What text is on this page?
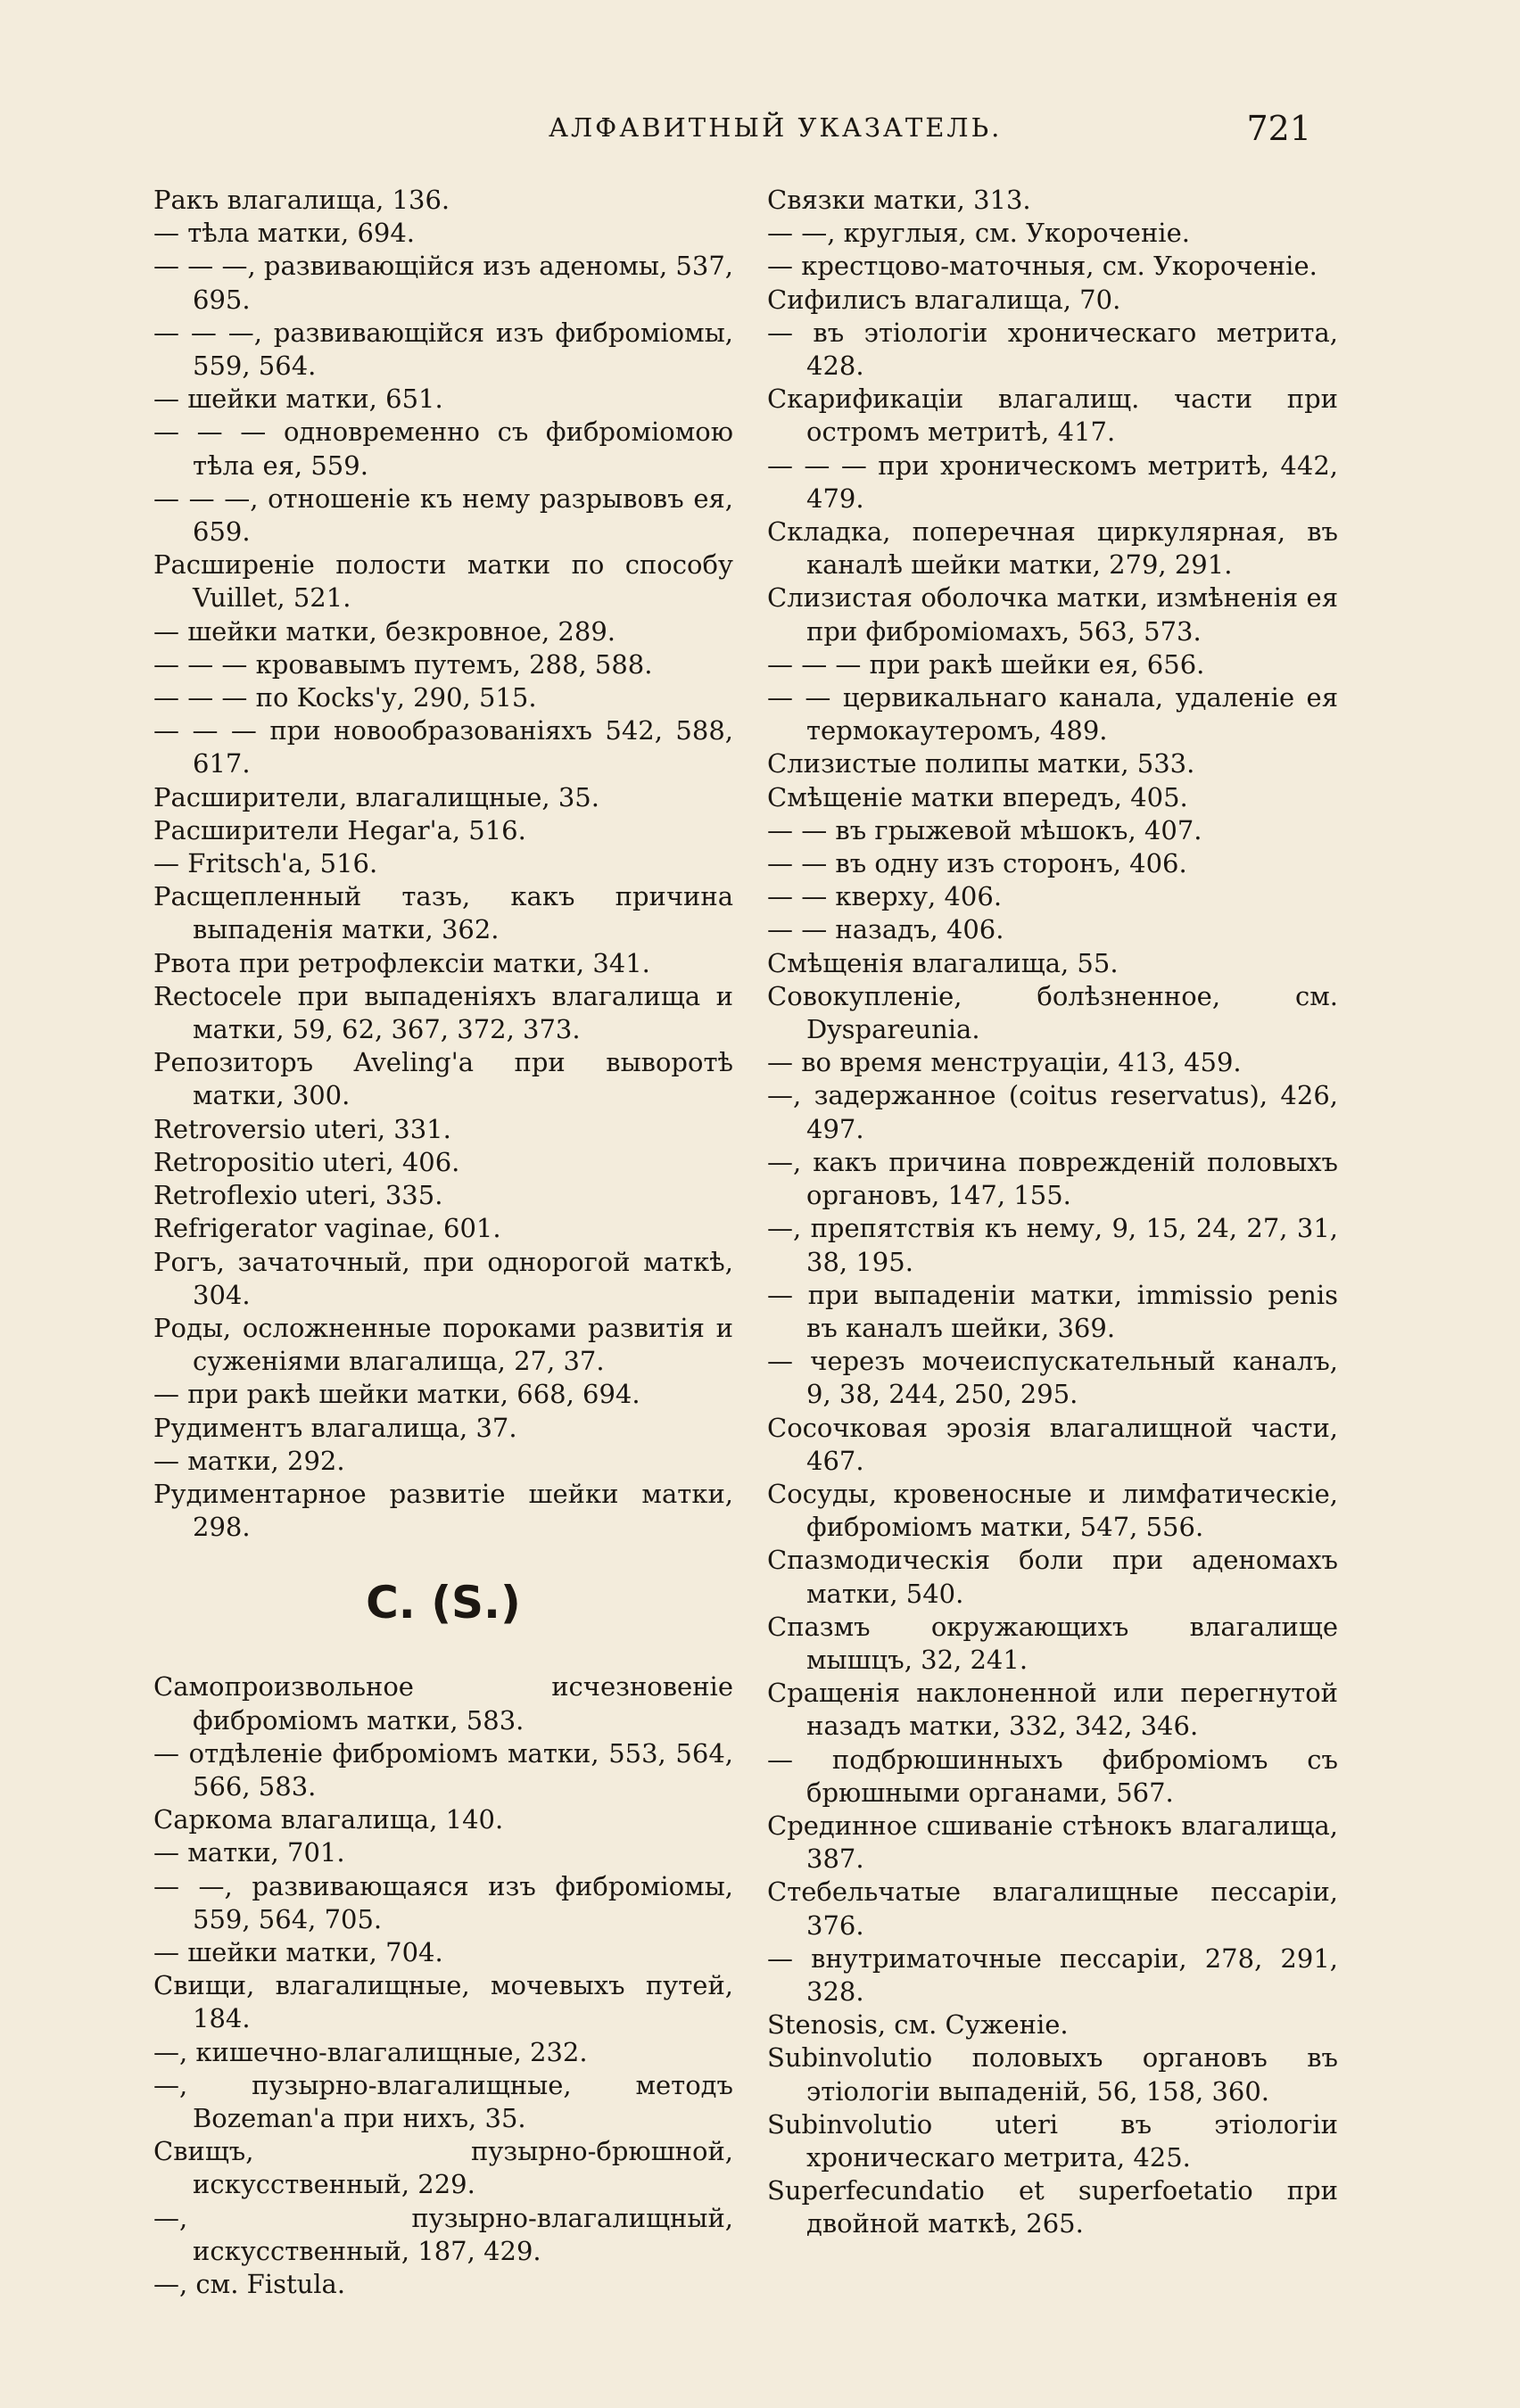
АЛФАВИТНЫЙ УКАЗАТЕЛЬ.	721

Ракъ влагалища, 136.

— тѣла матки, 694.

— — —, развивающійся изъ аденомы, 537, 695.

— — —, развивающійся изъ фибромiомы, 559, 564.

— шейки матки, 651.

— — — одновременно съ фибромiомою тѣла ея, 559.

— — —, отношенiе къ нему разрывовъ ея, 659.

Расширенiе полости матки по способу Vuillet, 521.

— шейки матки, безкровное, 289.

— — — кровавымъ путемъ, 288, 588.

— — — по Kocks'у, 290, 515.

— — — при новообразованiяхъ 542, 588, 617.

Расширители, влагалищные, 35.

Расширители Hegar'а, 516.

— Fritsch'а, 516.

Расщепленный тазъ, какъ причина выпаденiя матки, 362.

Рвота при ретрофлексiи матки, 341.

Rectocele при выпаденiяхъ влагалища и матки, 59, 62, 367, 372, 373.

Репозиторъ Aveling'а при выворотѣ матки, 300.

Retroversio uteri, 331.

Retropositio uteri, 406.

Retroflexio uteri, 335.

Refrigerator vaginae, 601.

Рогъ, зачаточный, при однорогой маткѣ, 304.

Роды, осложненные пороками развитiя и суженiями влагалища, 27, 37.

— при ракѣ шейки матки, 668, 694.

Рудиментъ влагалища, 37.

— матки, 292.

Рудиментарное развитiе шейки матки, 298.

С. (S.)

Самопроизвольное исчезновенiе фибромiомъ матки, 583.

— отдѣленiе фибромiомъ матки, 553, 564, 566, 583.

Саркома влагалища, 140.

— матки, 701.

— —, развивающаяся изъ фибромiомы, 559, 564, 705.

— шейки матки, 704.

Свищи, влагалищные, мочевыхъ путей, 184.

—, кишечно-влагалищные, 232.

—, пузырно-влагалищные, методъ Bozeman'а при нихъ, 35.

Свищъ, пузырно-брюшной, искусственный, 229.

—, пузырно-влагалищный, искусственный, 187, 429.

—, см. Fistula.

Связки матки, 313.

— —, круглыя, см. Укороченiе.

— крестцово-маточныя, см. Укороченiе.

Сифилисъ влагалища, 70.

— въ этiологiи хроническаго метрита, 428.

Скарификацiи влагалищ. части при остромъ метритѣ, 417.

— — — при хроническомъ метритѣ, 442, 479.

Складка, поперечная циркулярная, въ каналѣ шейки матки, 279, 291.

Слизистая оболочка матки, измѣненiя ея при фибромiомахъ, 563, 573.

— — — при ракѣ шейки ея, 656.

— — цервикальнаго канала, удаленiе ея термокаутеромъ, 489.

Слизистые полипы матки, 533.

Смѣщенiе матки впередъ, 405.

— — въ грыжевой мѣшокъ, 407.

— — въ одну изъ сторонъ, 406.

— — кверху, 406.

— — назадъ, 406.

Смѣщенiя влагалища, 55.

Совокупленiе, болѣзненное, см. Dyspareunia.

— во время менструацiи, 413, 459.

—, задержанное (coitus reservatus), 426, 497.

—, какъ причина поврежденiй половыхъ органовъ, 147, 155.

—, препятствiя къ нему, 9, 15, 24, 27, 31, 38, 195.

— при выпаденiи матки, immissio penis въ каналъ шейки, 369.

— черезъ мочеиспускательный каналъ, 9, 38, 244, 250, 295.

Сосочковая эрозiя влагалищной части, 467.

Сосуды, кровеносные и лимфатическiе, фибромiомъ матки, 547, 556.

Спазмодическiя боли при аденомахъ матки, 540.

Спазмъ окружающихъ влагалище мышцъ, 32, 241.

Сращенiя наклоненной или перегнутой назадъ матки, 332, 342, 346.

— подбрюшинныхъ фибромiомъ съ брюшными органами, 567.

Срединное сшиванiе стѣнокъ влагалища, 387.

Стебельчатые влагалищные пессарiи, 376.

— внутриматочные пессарiи, 278, 291, 328.

Stenosis, см. Суженiе.

Subinvolutio половыхъ органовъ въ этiологiи выпаденiй, 56, 158, 360.

Subinvolutio uteri въ этiологiи хроническаго метрита, 425.

Superfecundatio et superfoetatio при двойной маткѣ, 265.
